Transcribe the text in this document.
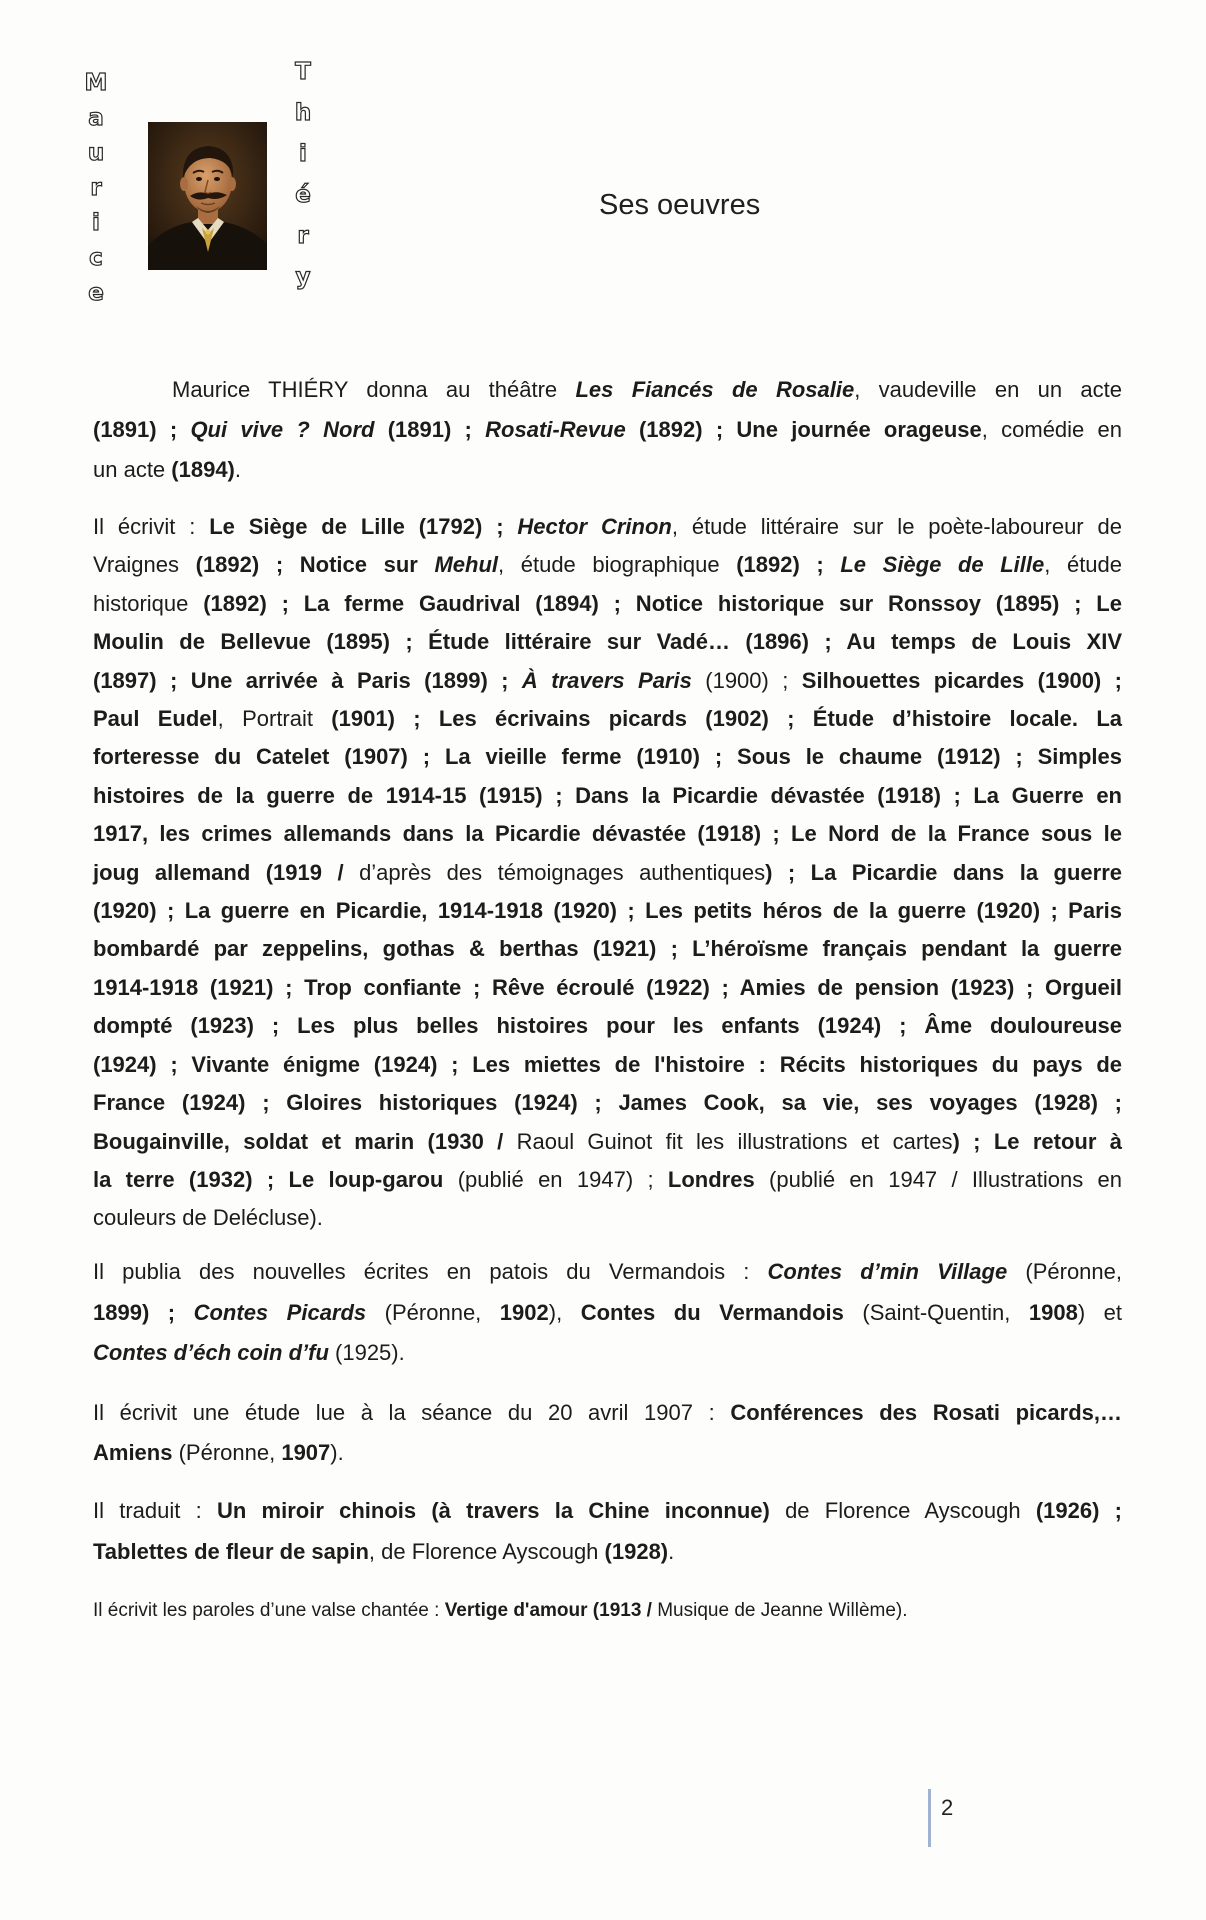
M
a
u
r
i
c
e
T
h
i
é
r
y
Ses oeuvres
Maurice THIÉRY donna au théâtre Les Fiancés de Rosalie, vaudeville en un acte
(1891) ; Qui vive ? Nord (1891) ; Rosati-Revue (1892) ; Une journée orageuse, comédie en
un acte (1894).
Il écrivit : Le Siège de Lille (1792) ; Hector Crinon, étude littéraire sur le poète-laboureur de
Vraignes (1892) ; Notice sur Mehul, étude biographique (1892) ; Le Siège de Lille, étude
historique (1892) ; La ferme Gaudrival (1894) ; Notice historique sur Ronssoy (1895) ; Le
Moulin de Bellevue (1895) ; Étude littéraire sur Vadé… (1896) ; Au temps de Louis XIV
(1897) ; Une arrivée à Paris (1899) ; À travers Paris (1900) ; Silhouettes picardes (1900) ;
Paul Eudel, Portrait (1901) ; Les écrivains picards (1902) ; Étude d’histoire locale. La
forteresse du Catelet (1907) ; La vieille ferme (1910) ; Sous le chaume (1912) ; Simples
histoires de la guerre de 1914-15 (1915) ; Dans la Picardie dévastée (1918) ; La Guerre en
1917, les crimes allemands dans la Picardie dévastée (1918) ; Le Nord de la France sous le
joug allemand (1919 / d’après des témoignages authentiques) ; La Picardie dans la guerre
(1920) ; La guerre en Picardie, 1914-1918 (1920) ; Les petits héros de la guerre (1920) ; Paris
bombardé par zeppelins, gothas & berthas (1921) ; L’héroïsme français pendant la guerre
1914-1918 (1921) ; Trop confiante ; Rêve écroulé (1922) ; Amies de pension (1923) ; Orgueil
dompté (1923) ; Les plus belles histoires pour les enfants (1924) ; Âme douloureuse
(1924) ; Vivante énigme (1924) ; Les miettes de l'histoire : Récits historiques du pays de
France (1924) ; Gloires historiques (1924) ; James Cook, sa vie, ses voyages (1928) ;
Bougainville, soldat et marin (1930 / Raoul Guinot fit les illustrations et cartes) ; Le retour à
la terre (1932) ; Le loup-garou (publié en 1947) ; Londres (publié en 1947 / Illustrations en
couleurs de Delécluse).
Il publia des nouvelles écrites en patois du Vermandois : Contes d’min Village (Péronne,
1899) ; Contes Picards (Péronne, 1902), Contes du Vermandois (Saint-Quentin, 1908) et
Contes d’éch coin d’fu (1925).
Il écrivit une étude lue à la séance du 20 avril 1907 : Conférences des Rosati picards,…
Amiens (Péronne, 1907).
Il traduit : Un miroir chinois (à travers la Chine inconnue) de Florence Ayscough (1926) ;
Tablettes de fleur de sapin, de Florence Ayscough (1928).
Il écrivit les paroles d’une valse chantée : Vertige d'amour (1913 / Musique de Jeanne Willème).
2
